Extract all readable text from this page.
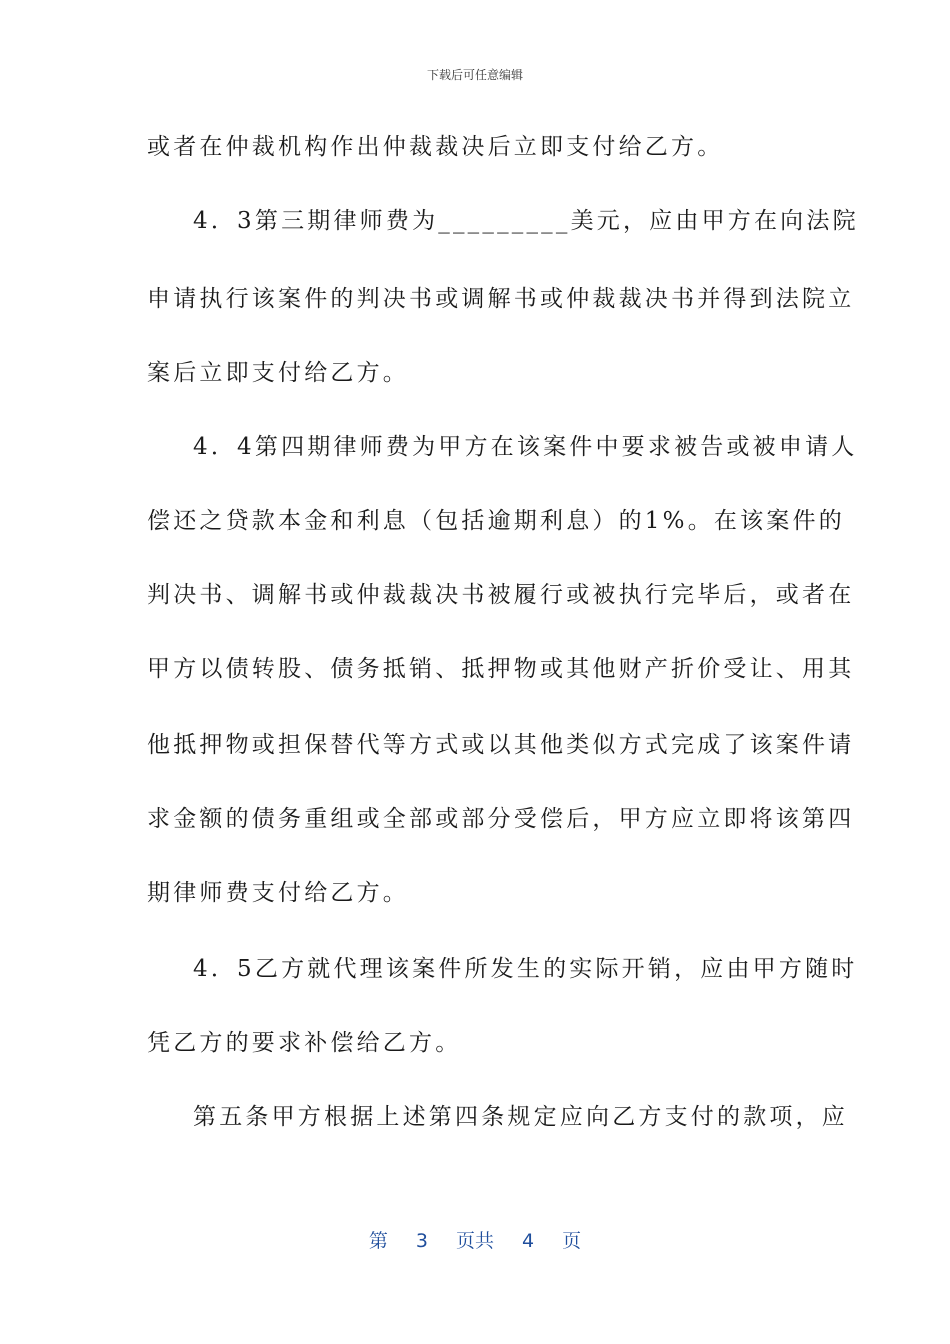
下载后可任意编辑
或者在仲裁机构作出仲裁裁决后立即支付给乙方。
4．3第三期律师费为_________美元，应由甲方在向法院
申请执行该案件的判决书或调解书或仲裁裁决书并得到法院立
案后立即支付给乙方。
4．4第四期律师费为甲方在该案件中要求被告或被申请人
偿还之贷款本金和利息（包括逾期利息）的1%。在该案件的
判决书、调解书或仲裁裁决书被履行或被执行完毕后，或者在
甲方以债转股、债务抵销、抵押物或其他财产折价受让、用其
他抵押物或担保替代等方式或以其他类似方式完成了该案件请
求金额的债务重组或全部或部分受偿后，甲方应立即将该第四
期律师费支付给乙方。
4．5乙方就代理该案件所发生的实际开销，应由甲方随时
凭乙方的要求补偿给乙方。
第五条甲方根据上述第四条规定应向乙方支付的款项，应
第 3 页共 4 页
